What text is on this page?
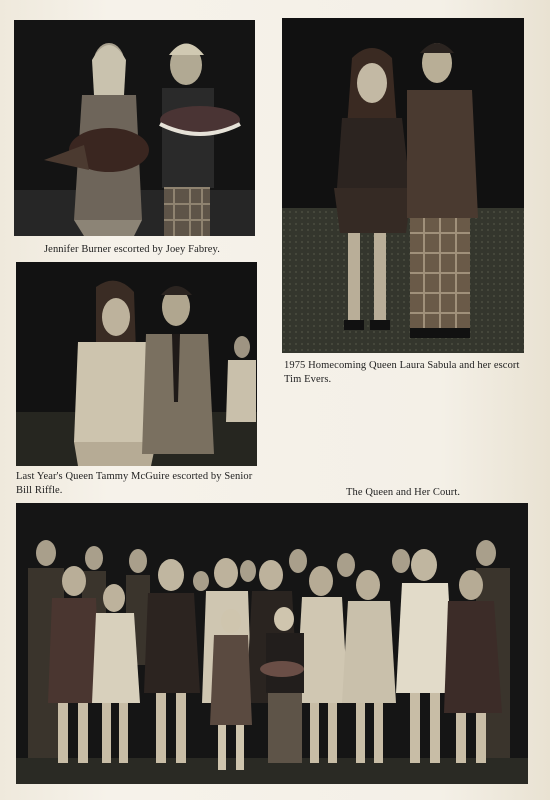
Jennifer Burner escorted by Joey Fabrey.
1975 Homecoming Queen Laura Sabula and her escort Tim Evers.
Last Year's Queen Tammy McGuire escorted by Senior Bill Riffle.	The Queen and Her Court.
